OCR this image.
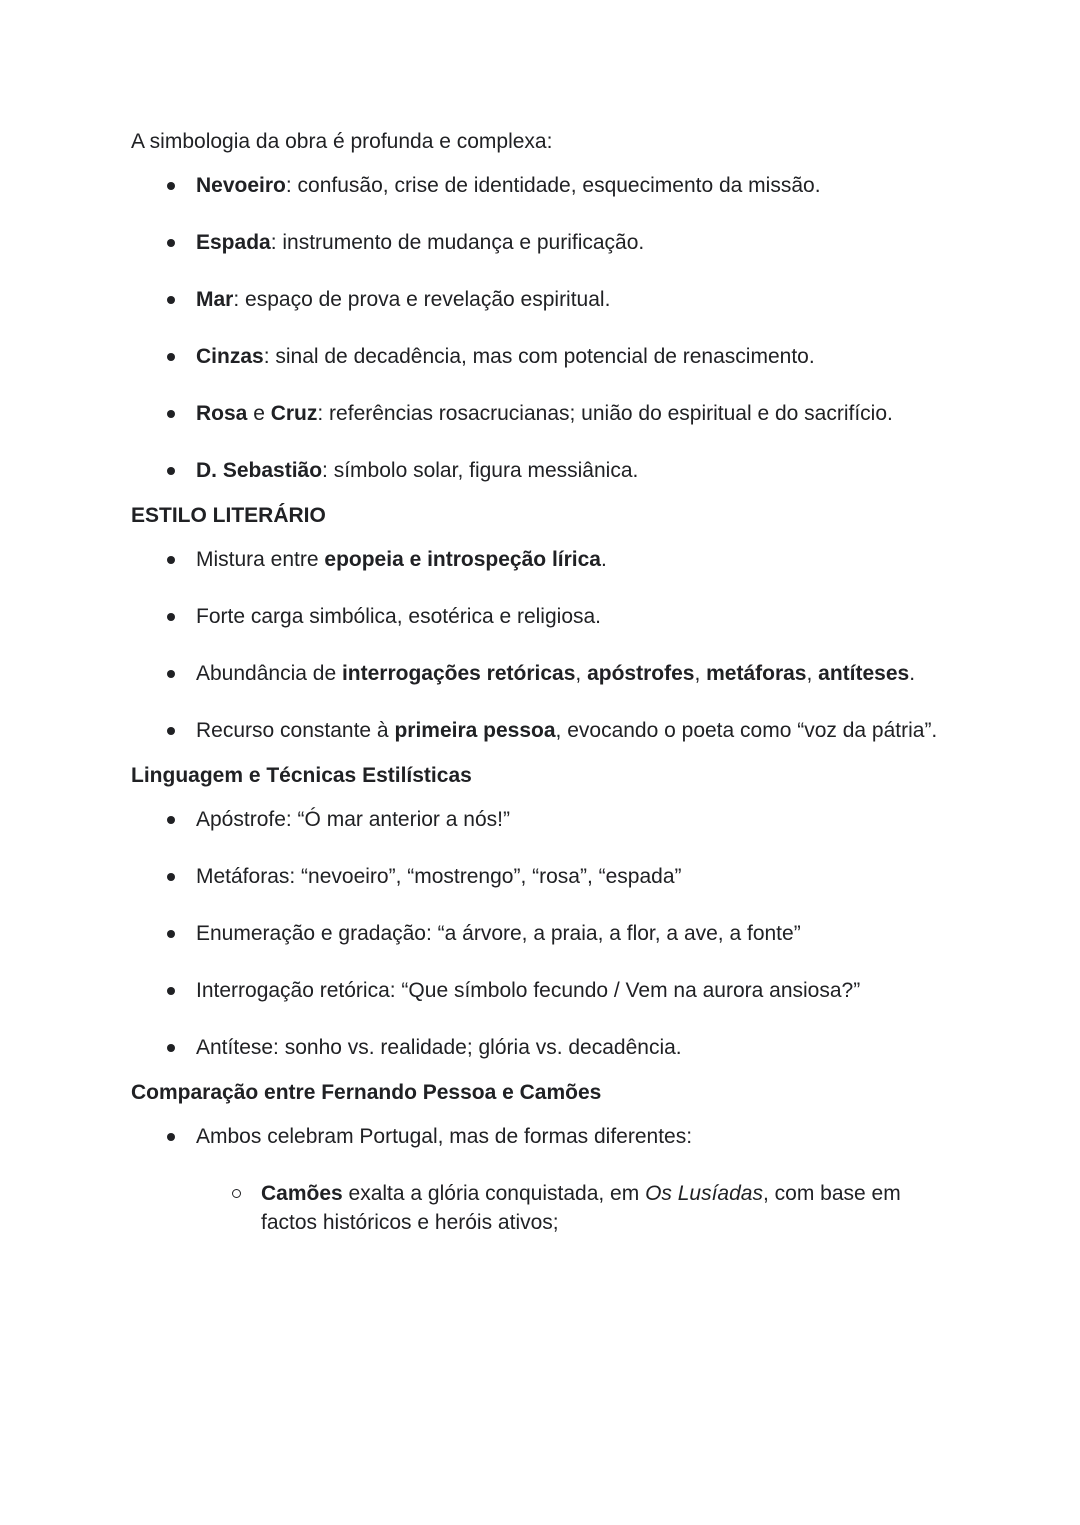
A simbologia da obra é profunda e complexa:

Nevoeiro: confusão, crise de identidade, esquecimento da missão.
Espada: instrumento de mudança e purificação.
Mar: espaço de prova e revelação espiritual.
Cinzas: sinal de decadência, mas com potencial de renascimento.
Rosa e Cruz: referências rosacrucianas; união do espiritual e do sacrifício.
D. Sebastião: símbolo solar, figura messiânica.
ESTILO LITERÁRIO
Mistura entre epopeia e introspeção lírica.
Forte carga simbólica, esotérica e religiosa.
Abundância de interrogações retóricas, apóstrofes, metáforas, antíteses.
Recurso constante à primeira pessoa, evocando o poeta como “voz da pátria”.
Linguagem e Técnicas Estilísticas
Apóstrofe: “Ó mar anterior a nós!”
Metáforas: “nevoeiro”, “mostrengo”, “rosa”, “espada”
Enumeração e gradação: “a árvore, a praia, a flor, a ave, a fonte”
Interrogação retórica: “Que símbolo fecundo / Vem na aurora ansiosa?”
Antítese: sonho vs. realidade; glória vs. decadência.
Comparação entre Fernando Pessoa e Camões
Ambos celebram Portugal, mas de formas diferentes:
Camões exalta a glória conquistada, em Os Lusíadas, com base em factos históricos e heróis ativos;
